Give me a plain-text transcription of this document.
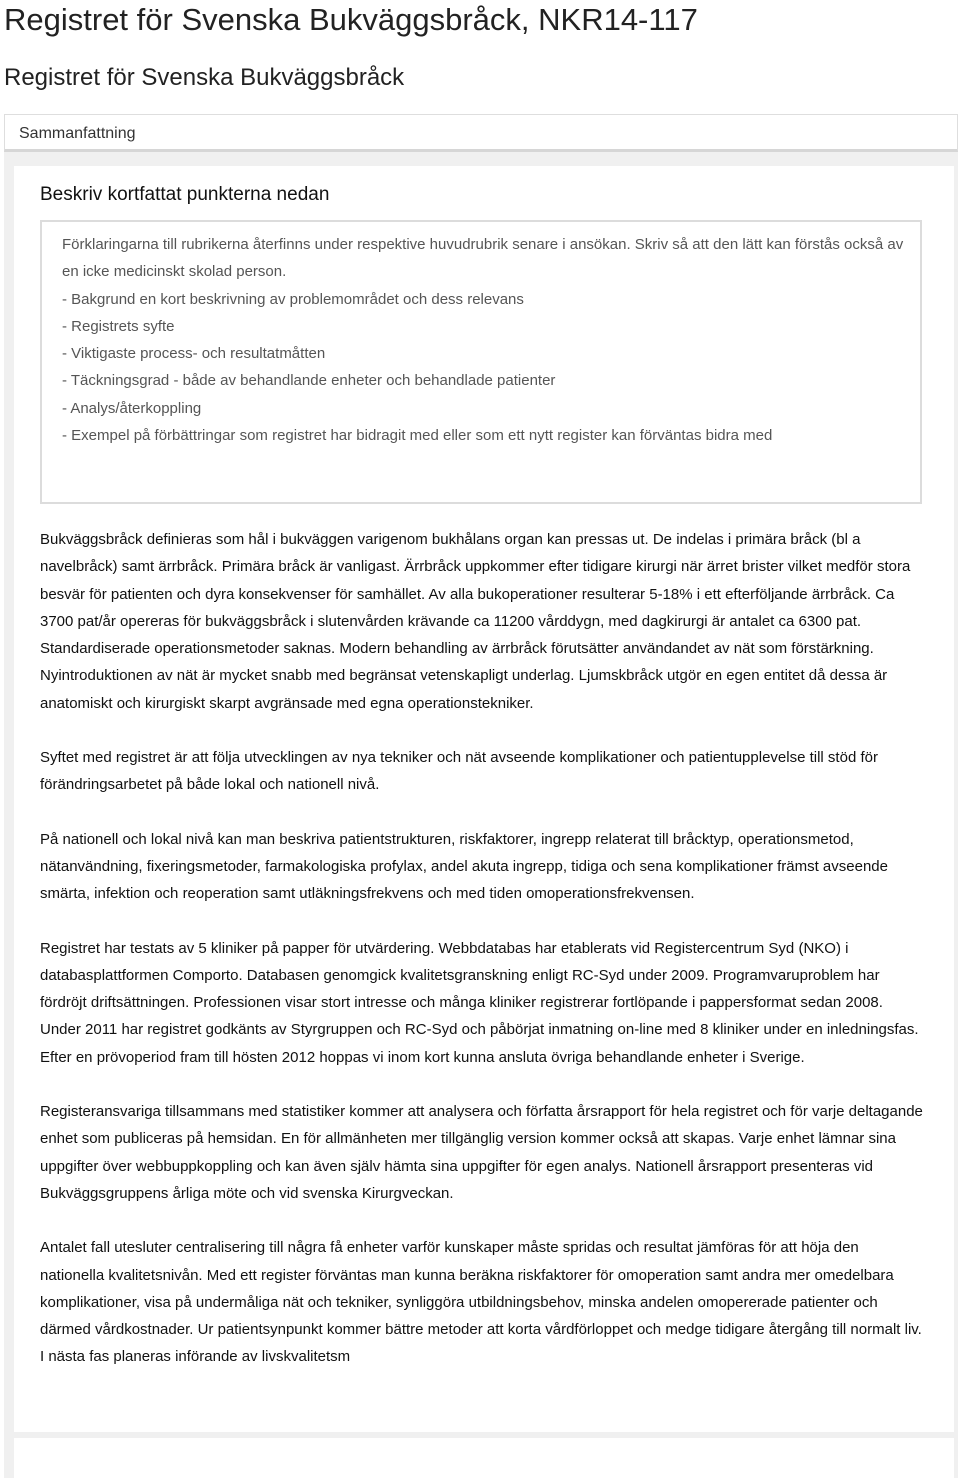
Registret för Svenska Bukväggsbråck, NKR14-117
Registret för Svenska Bukväggsbråck
Sammanfattning
Beskriv kortfattat punkterna nedan

Förklaringarna till rubrikerna återfinns under respektive huvudrubrik senare i ansökan. Skriv så att den lätt kan förstås också av en icke medicinskt skolad person.

- Bakgrund en kort beskrivning av problemområdet och dess relevans

- Registrets syfte

- Viktigaste process- och resultatmåtten

- Täckningsgrad - både av behandlande enheter och behandlade patienter

- Analys/återkoppling

- Exempel på förbättringar som registret har bidragit med eller som ett nytt register kan förväntas bidra med

Bukväggsbråck definieras som hål i bukväggen varigenom bukhålans organ kan pressas ut. De indelas i primära bråck (bl a navelbråck) samt ärrbråck. Primära bråck är vanligast. Ärrbråck uppkommer efter tidigare kirurgi när ärret brister vilket medför stora besvär för patienten och dyra konsekvenser för samhället. Av alla bukoperationer resulterar 5-18% i ett efterföljande ärrbråck. Ca 3700 pat/år opereras för bukväggsbråck i slutenvården krävande ca 11200 vårddygn, med dagkirurgi är antalet ca 6300 pat. Standardiserade operationsmetoder saknas. Modern behandling av ärrbråck förutsätter användandet av nät som förstärkning. Nyintroduktionen av nät är mycket snabb med begränsat vetenskapligt underlag. Ljumskbråck utgör en egen entitet då dessa är anatomiskt och kirurgiskt skarpt avgränsade med egna operationstekniker.

Syftet med registret är att följa utvecklingen av nya tekniker och nät avseende komplikationer och patientupplevelse till stöd för förändringsarbetet på både lokal och nationell nivå.

På nationell och lokal nivå kan man beskriva patientstrukturen, riskfaktorer, ingrepp relaterat till bråcktyp, operationsmetod, nätanvändning, fixeringsmetoder, farmakologiska profylax, andel akuta ingrepp, tidiga och sena komplikationer främst avseende smärta, infektion och reoperation samt utläkningsfrekvens och med tiden omoperationsfrekvensen.

Registret har testats av 5 kliniker på papper för utvärdering. Webbdatabas har etablerats vid Registercentrum Syd (NKO) i databasplattformen Comporto. Databasen genomgick kvalitetsgranskning enligt RC-Syd under 2009. Programvaruproblem har fördröjt driftsättningen. Professionen visar stort intresse och många kliniker registrerar fortlöpande i pappersformat sedan 2008. Under 2011 har registret godkänts av Styrgruppen och RC-Syd och påbörjat inmatning on-line med 8 kliniker under en inledningsfas. Efter en prövoperiod fram till hösten 2012 hoppas vi inom kort kunna ansluta övriga behandlande enheter i Sverige.

Registeransvariga tillsammans med statistiker kommer att analysera och författa årsrapport för hela registret och för varje deltagande enhet som publiceras på hemsidan. En för allmänheten mer tillgänglig version kommer också att skapas. Varje enhet lämnar sina uppgifter över webbuppkoppling och kan även själv hämta sina uppgifter för egen analys. Nationell årsrapport presenteras vid Bukväggsgruppens årliga möte och vid svenska Kirurgveckan.

Antalet fall utesluter centralisering till några få enheter varför kunskaper måste spridas och resultat jämföras för att höja den nationella kvalitetsnivån. Med ett register förväntas man kunna beräkna riskfaktorer för omoperation samt andra mer omedelbara komplikationer, visa på undermåliga nät och tekniker, synliggöra utbildningsbehov, minska andelen omopererade patienter och därmed vårdkostnader. Ur patientsynpunkt kommer bättre metoder att korta vårdförloppet och medge tidigare återgång till normalt liv. I nästa fas planeras införande av livskvalitetsm
